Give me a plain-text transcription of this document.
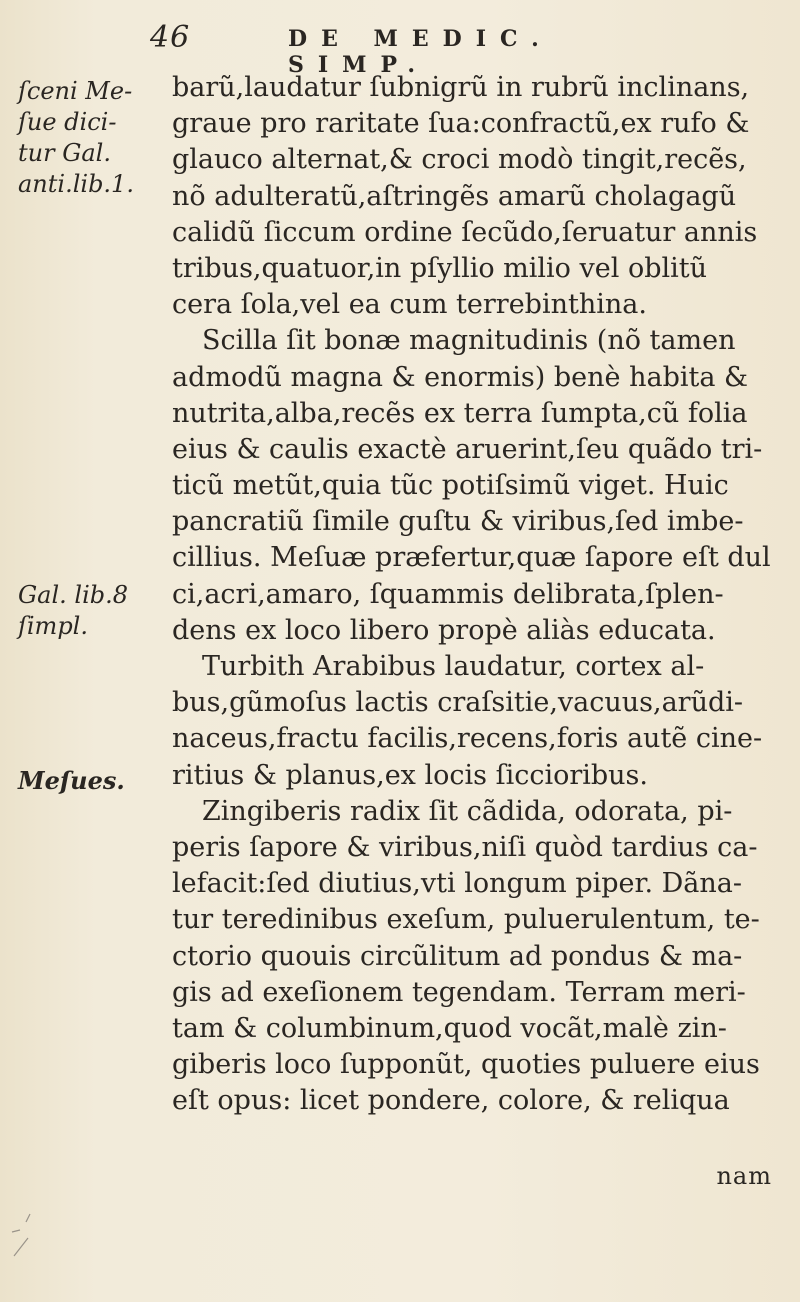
46	DE MEDIC. SIMP.
ſceni Me-
ſue dici-
tur Gal.
anti.lib.1.
Gal. lib.8
ſimpl.
Meſues.
barũ,laudatur ſubnigrũ in rubrũ inclinans,
graue pro raritate ſua:confractũ,ex rufo &
glauco alternat,& croci modò tingit,recẽs,
nõ adulteratũ,aſtringẽs amarũ cholagagũ
calidũ ſiccum ordine ſecũdo,ſeruatur annis
tribus,quatuor,in pſyllio milio vel oblitũ
cera ſola,vel ea cum terrebinthina.
Scilla ſit bonæ magnitudinis (nõ tamen
admodũ magna & enormis) benè habita &
nutrita,alba,recẽs ex terra ſumpta,cũ folia
eius & caulis exactè aruerint,ſeu quãdo tri-
ticũ metũt,quia tũc potiſsimũ viget. Huic
pancratiũ ſimile guſtu & viribus,ſed imbe-
cillius. Meſuæ præfertur,quæ ſapore eſt dul
ci,acri,amaro, ſquammis delibrata,ſplen-
dens ex loco libero propè aliàs educata.
Turbith Arabibus laudatur, cortex al-
bus,gũmoſus lactis craſsitie,vacuus,arũdi-
naceus,fractu facilis,recens,foris autẽ cine-
ritius & planus,ex locis ſiccioribus.
Zingiberis radix ſit cãdida, odorata, pi-
peris ſapore & viribus,niſi quòd tardius ca-
lefacit:ſed diutius,vti longum piper. Dãna-
tur teredinibus exeſum, puluerulentum, te-
ctorio quouis circũlitum ad pondus & ma-
gis ad exeſionem tegendam. Terram meri-
tam & columbinum,quod vocãt,malè zin-
giberis loco ſupponũt, quoties puluere eius
eſt opus: licet pondere, colore, & reliqua
nam
